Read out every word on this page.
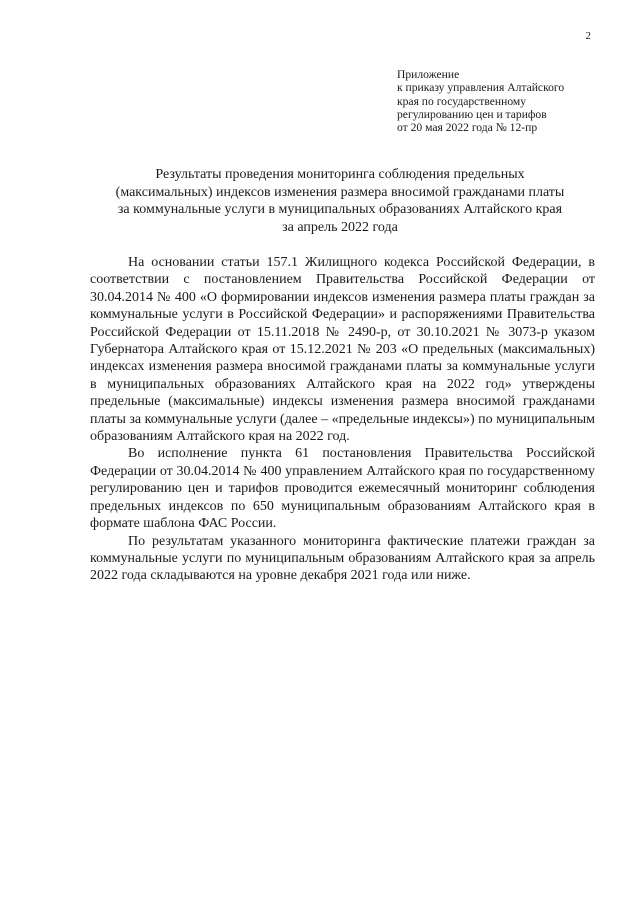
2
Приложение
к приказу управления Алтайского
края по государственному
регулированию цен и тарифов
от 20 мая 2022 года № 12-пр
Результаты проведения мониторинга соблюдения предельных
(максимальных) индексов изменения размера вносимой гражданами платы
за коммунальные услуги в муниципальных образованиях Алтайского края
за апрель 2022 года

На основании статьи 157.1 Жилищного кодекса Российской Федерации, в соответствии с постановлением Правительства Российской Федерации от 30.04.2014 № 400 «О формировании индексов изменения размера платы граждан за коммунальные услуги в Российской Федерации» и распоряжениями Правительства Российской Федерации от 15.11.2018 № 2490-р, от 30.10.2021 № 3073-р указом Губернатора Алтайского края от 15.12.2021 № 203 «О предельных (максимальных) индексах изменения размера вносимой гражданами платы за коммунальные услуги в муниципальных образованиях Алтайского края на 2022 год» утверждены предельные (максимальные) индексы изменения размера вносимой гражданами платы за коммунальные услуги (далее – «предельные индексы») по муниципальным образованиям Алтайского края на 2022 год.

Во исполнение пункта 61 постановления Правительства Российской Федерации от 30.04.2014 № 400 управлением Алтайского края по государственному регулированию цен и тарифов проводится ежемесячный мониторинг соблюдения предельных индексов по 650 муниципальным образованиям Алтайского края в формате шаблона ФАС России.

По результатам указанного мониторинга фактические платежи граждан за коммунальные услуги по муниципальным образованиям Алтайского края за апрель 2022 года складываются на уровне декабря 2021 года или ниже.
